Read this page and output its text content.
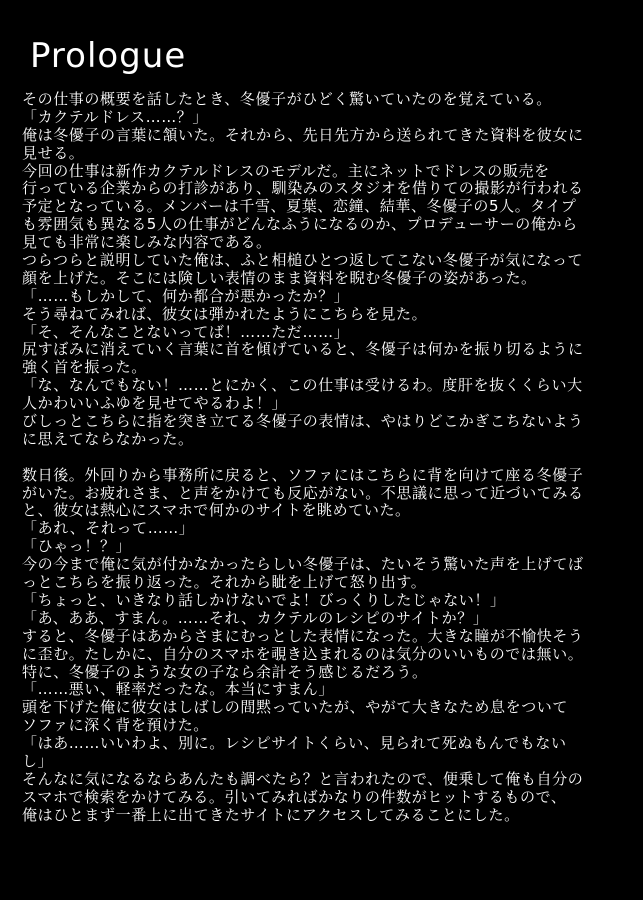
Prologue
その仕事の概要を話したとき、冬優子がひどく驚いていたのを覚えている。
「カクテルドレス……？」
俺は冬優子の言葉に頷いた。それから、先日先方から送られてきた資料を彼女に
見せる。
今回の仕事は新作カクテルドレスのモデルだ。主にネットでドレスの販売を
行っている企業からの打診があり、馴染みのスタジオを借りての撮影が行われる
予定となっている。メンバーは千雪、夏葉、恋鐘、結華、冬優子の5人。タイプ
も雰囲気も異なる5人の仕事がどんなふうになるのか、プロデューサーの俺から
見ても非常に楽しみな内容である。
つらつらと説明していた俺は、ふと相槌ひとつ返してこない冬優子が気になって
顔を上げた。そこには険しい表情のまま資料を睨む冬優子の姿があった。
「……もしかして、何か都合が悪かったか？」
そう尋ねてみれば、彼女は弾かれたようにこちらを見た。
「そ、そんなことないってば！……ただ……」
尻すぼみに消えていく言葉に首を傾げていると、冬優子は何かを振り切るように
強く首を振った。
「な、なんでもない！……とにかく、この仕事は受けるわ。度肝を抜くくらい大
人かわいいふゆを見せてやるわよ！」
びしっとこちらに指を突き立てる冬優子の表情は、やはりどこかぎこちないよう
に思えてならなかった。
数日後。外回りから事務所に戻ると、ソファにはこちらに背を向けて座る冬優子
がいた。お疲れさま、と声をかけても反応がない。不思議に思って近づいてみる
と、彼女は熱心にスマホで何かのサイトを眺めていた。
「あれ、それって……」
「ひゃっ！？」
今の今まで俺に気が付かなかったらしい冬優子は、たいそう驚いた声を上げてば
っとこちらを振り返った。それから眦を上げて怒り出す。
「ちょっと、いきなり話しかけないでよ！びっくりしたじゃない！」
「あ、ああ、すまん。……それ、カクテルのレシピのサイトか？」
すると、冬優子はあからさまにむっとした表情になった。大きな瞳が不愉快そう
に歪む。たしかに、自分のスマホを覗き込まれるのは気分のいいものでは無い。
特に、冬優子のような女の子なら余計そう感じるだろう。
「……悪い、軽率だったな。本当にすまん」
頭を下げた俺に彼女はしばしの間黙っていたが、やがて大きなため息をついて
ソファに深く背を預けた。
「はあ……いいわよ、別に。レシピサイトくらい、見られて死ぬもんでもない
し」
そんなに気になるならあんたも調べたら？と言われたので、便乗して俺も自分の
スマホで検索をかけてみる。引いてみればかなりの件数がヒットするもので、
俺はひとまず一番上に出てきたサイトにアクセスしてみることにした。
